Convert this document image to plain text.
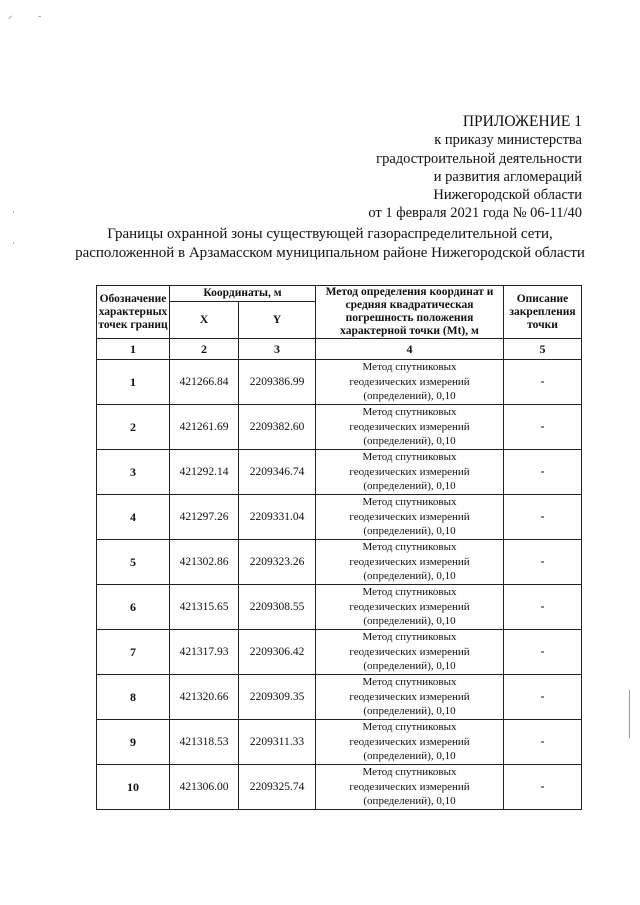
⸍	ˉ
·
·
ПРИЛОЖЕНИЕ 1
к приказу министерства
градостроительной деятельности
и развития агломераций
Нижегородской области
от 1 февраля 2021 года № 06-11/40
Границы охранной зоны существующей газораспределительной сети,
расположенной в Арзамасском муниципальном районе Нижегородской области
Обозначение характерных точек границ	Координаты, м		Метод определения координат и средняя квадратическая погрешность положения характерной точки (Mt), м	Описание закрепления точки
	X	Y		
1	2	3	4	5
1	421266.84	2209386.99	Метод спутниковых
геодезических измерений
(определений), 0,10	-
2	421261.69	2209382.60	Метод спутниковых
геодезических измерений
(определений), 0,10	-
3	421292.14	2209346.74	Метод спутниковых
геодезических измерений
(определений), 0,10	-
4	421297.26	2209331.04	Метод спутниковых
геодезических измерений
(определений), 0,10	-
5	421302.86	2209323.26	Метод спутниковых
геодезических измерений
(определений), 0,10	-
6	421315.65	2209308.55	Метод спутниковых
геодезических измерений
(определений), 0,10	-
7	421317.93	2209306.42	Метод спутниковых
геодезических измерений
(определений), 0,10	-
8	421320.66	2209309.35	Метод спутниковых
геодезических измерений
(определений), 0,10	-
9	421318.53	2209311.33	Метод спутниковых
геодезических измерений
(определений), 0,10	-
10	421306.00	2209325.74	Метод спутниковых
геодезических измерений
(определений), 0,10	-
